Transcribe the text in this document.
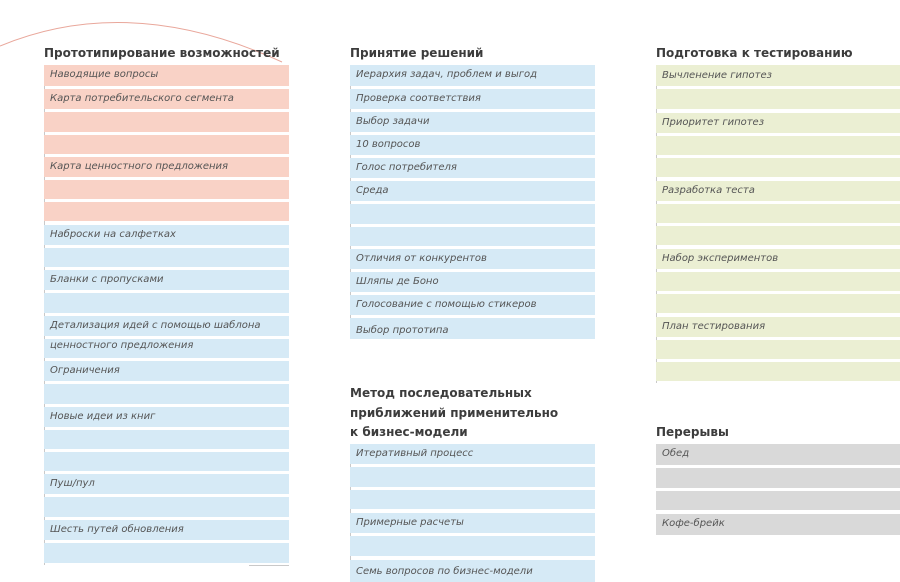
Прототипирование возможностей
Наводящие вопросы
Карта потребительского сегмента
Карта ценностного предложения
Наброски на салфетках
Бланки с пропусками
Детализация идей с помощью шаблона
ценностного предложения
Ограничения
Новые идеи из книг
Пуш/пул
Шесть путей обновления
Принятие решений
Иерархия задач, проблем и выгод
Проверка соответствия
Выбор задачи
10 вопросов
Голос потребителя
Среда
Отличия от конкурентов
Шляпы де Боно
Голосование с помощью стикеров
Выбор прототипа
Метод последовательных
приближений применительно
к бизнес-модели
Итеративный процесс
Примерные расчеты
Семь вопросов по бизнес-модели
Подготовка к тестированию
Вычленение гипотез
Приоритет гипотез
Разработка теста
Набор экспериментов
План тестирования
Перерывы
Обед
Кофе-брейк
